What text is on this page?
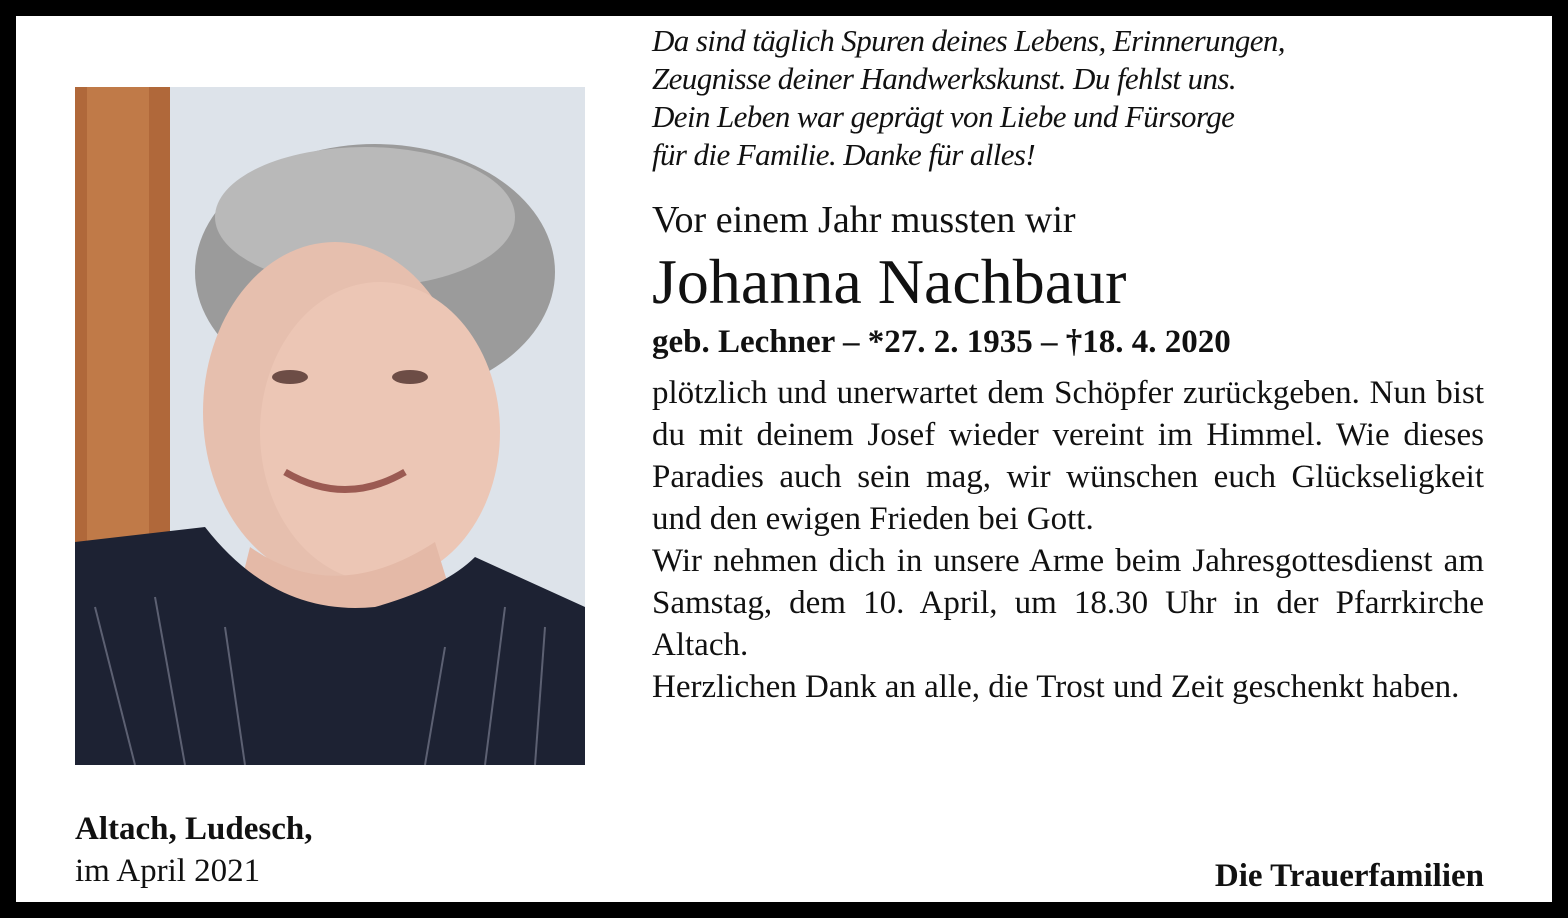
Altach, Ludesch,
im April 2021
Da sind täglich Spuren deines Lebens, Erinnerungen,
Zeugnisse deiner Handwerkskunst. Du fehlst uns.
Dein Leben war geprägt von Liebe und Fürsorge
für die Familie. Danke für alles!
Vor einem Jahr mussten wir
Johanna Nachbaur
geb. Lechner – *27. 2. 1935 – †18. 4. 2020

plötzlich und unerwartet dem Schöpfer zurückgeben. Nun bist du mit deinem Josef wieder vereint im Himmel. Wie dieses Paradies auch sein mag, wir wünschen euch Glückseligkeit und den ewigen Frieden bei Gott.

Wir nehmen dich in unsere Arme beim Jahresgottesdienst am Samstag, dem 10. April, um 18.30 Uhr in der Pfarrkirche Altach.

Herzlichen Dank an alle, die Trost und Zeit geschenkt haben.

Die Trauerfamilien
